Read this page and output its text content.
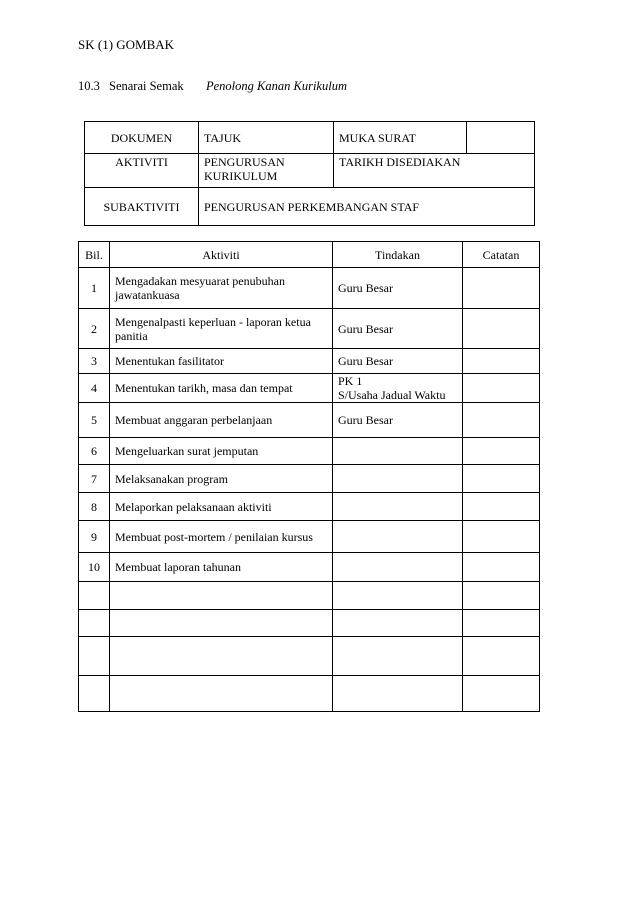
SK (1) GOMBAK
10.3 Senarai Semak Penolong Kanan Kurikulum
DOKUMEN	TAJUK	MUKA SURAT	
AKTIVITI	PENGURUSAN KURIKULUM	TARIKH DISEDIAKAN	
SUBAKTIVITI	PENGURUSAN PERKEMBANGAN STAF		
Bil.	Aktiviti	Tindakan	Catatan
1	Mengadakan mesyuarat penubuhan jawatankuasa	Guru Besar	
2	Mengenalpasti keperluan - laporan ketua panitia	Guru Besar	
3	Menentukan fasilitator	Guru Besar	
4	Menentukan tarikh, masa dan tempat	PK 1
S/Usaha Jadual Waktu	
5	Membuat anggaran perbelanjaan	Guru Besar	
6	Mengeluarkan surat jemputan		
7	Melaksanakan program		
8	Melaporkan pelaksanaan aktiviti		
9	Membuat post-mortem / penilaian kursus		
10	Membuat laporan tahunan		
